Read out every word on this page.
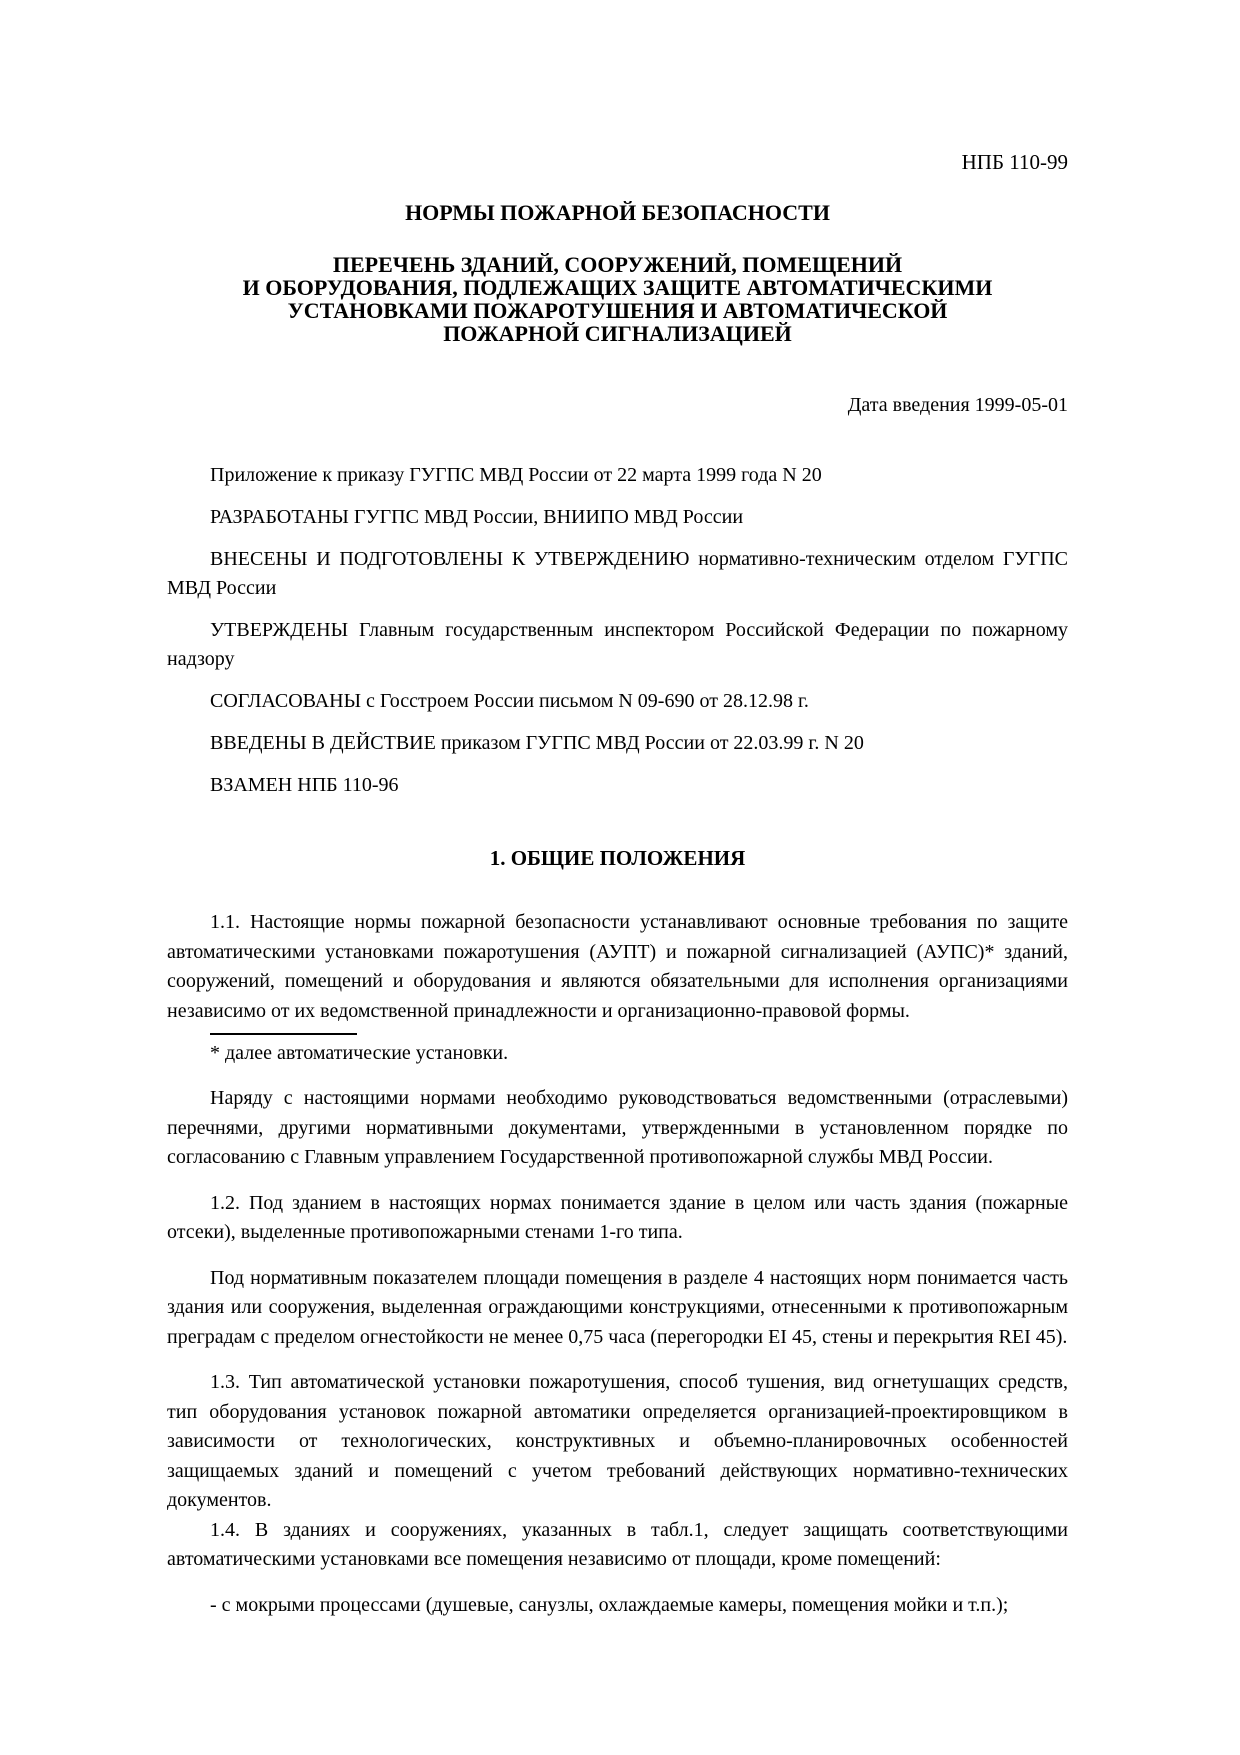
НПБ 110-99
НОРМЫ ПОЖАРНОЙ БЕЗОПАСНОСТИ
ПЕРЕЧЕНЬ ЗДАНИЙ, СООРУЖЕНИЙ, ПОМЕЩЕНИЙ
И ОБОРУДОВАНИЯ, ПОДЛЕЖАЩИХ ЗАЩИТЕ АВТОМАТИЧЕСКИМИ
УСТАНОВКАМИ ПОЖАРОТУШЕНИЯ И АВТОМАТИЧЕСКОЙ
ПОЖАРНОЙ СИГНАЛИЗАЦИЕЙ
Дата введения 1999-05-01

Приложение к приказу ГУГПС МВД России от 22 марта 1999 года N 20

РАЗРАБОТАНЫ ГУГПС МВД России, ВНИИПО МВД России

ВНЕСЕНЫ И ПОДГОТОВЛЕНЫ К УТВЕРЖДЕНИЮ нормативно-техническим отделом ГУГПС МВД России

УТВЕРЖДЕНЫ Главным государственным инспектором Российской Федерации по пожарному надзору

СОГЛАСОВАНЫ с Госстроем России письмом N 09-690 от 28.12.98 г.

ВВЕДЕНЫ В ДЕЙСТВИЕ приказом ГУГПС МВД России от 22.03.99 г. N 20

ВЗАМЕН НПБ 110-96

1. ОБЩИЕ ПОЛОЖЕНИЯ

1.1. Настоящие нормы пожарной безопасности устанавливают основные требования по защите автоматическими установками пожаротушения (АУПТ) и пожарной сигнализацией (АУПС)* зданий, сооружений, помещений и оборудования и являются обязательными для исполнения организациями независимо от их ведомственной принадлежности и организационно-правовой формы.

* далее автоматические установки.

Наряду с настоящими нормами необходимо руководствоваться ведомственными (отраслевыми) перечнями, другими нормативными документами, утвержденными в установленном порядке по согласованию с Главным управлением Государственной противопожарной службы МВД России.

1.2. Под зданием в настоящих нормах понимается здание в целом или часть здания (пожарные отсеки), выделенные противопожарными стенами 1-го типа.

Под нормативным показателем площади помещения в разделе 4 настоящих норм понимается часть здания или сооружения, выделенная ограждающими конструкциями, отнесенными к противопожарным преградам с пределом огнестойкости не менее 0,75 часа (перегородки EI 45, стены и перекрытия REI 45).

1.3. Тип автоматической установки пожаротушения, способ тушения, вид огнетушащих средств, тип оборудования установок пожарной автоматики определяется организацией-проектировщиком в зависимости от технологических, конструктивных и объемно-планировочных особенностей защищаемых зданий и помещений с учетом требований действующих нормативно-технических документов.

1.4. В зданиях и сооружениях, указанных в табл.1, следует защищать соответствующими автоматическими установками все помещения независимо от площади, кроме помещений:

- с мокрыми процессами (душевые, санузлы, охлаждаемые камеры, помещения мойки и т.п.);
